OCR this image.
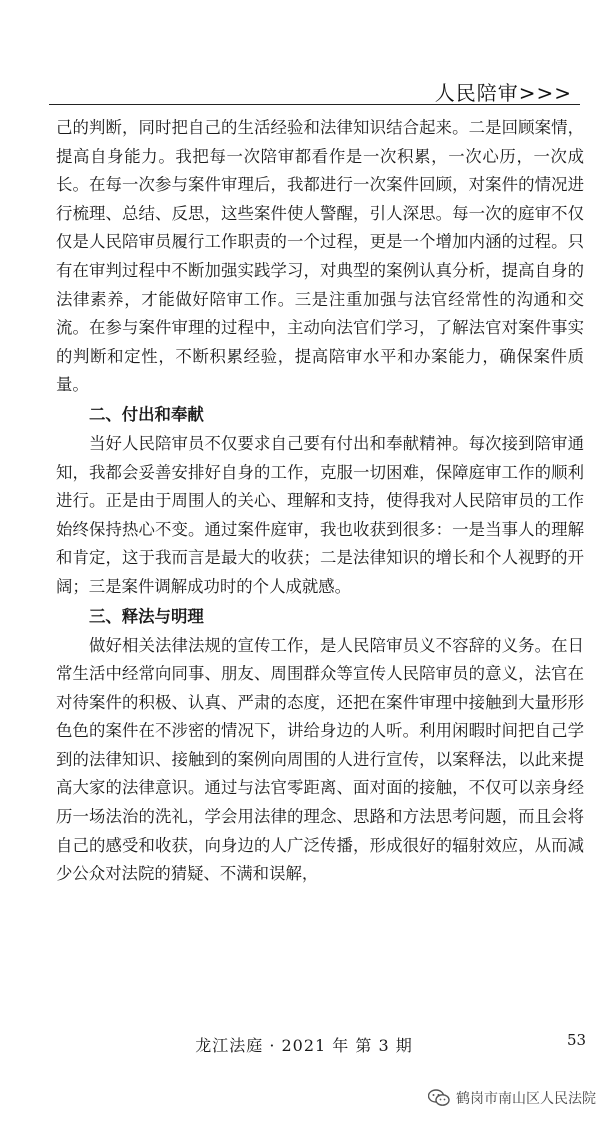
人民陪审>>>

己的判断，同时把自己的生活经验和法律知识结合起来。二是回顾案情，提高自身能力。我把每一次陪审都看作是一次积累，一次心历，一次成长。在每一次参与案件审理后，我都进行一次案件回顾，对案件的情况进行梳理、总结、反思，这些案件使人警醒，引人深思。每一次的庭审不仅仅是人民陪审员履行工作职责的一个过程，更是一个增加内涵的过程。只有在审判过程中不断加强实践学习，对典型的案例认真分析，提高自身的法律素养，才能做好陪审工作。三是注重加强与法官经常性的沟通和交流。在参与案件审理的过程中，主动向法官们学习，了解法官对案件事实的判断和定性，不断积累经验，提高陪审水平和办案能力，确保案件质量。

二、付出和奉献

当好人民陪审员不仅要求自己要有付出和奉献精神。每次接到陪审通知，我都会妥善安排好自身的工作，克服一切困难，保障庭审工作的顺利进行。正是由于周围人的关心、理解和支持，使得我对人民陪审员的工作始终保持热心不变。通过案件庭审，我也收获到很多：一是当事人的理解和肯定，这于我而言是最大的收获；二是法律知识的增长和个人视野的开阔；三是案件调解成功时的个人成就感。

三、释法与明理

做好相关法律法规的宣传工作，是人民陪审员义不容辞的义务。在日常生活中经常向同事、朋友、周围群众等宣传人民陪审员的意义，法官在对待案件的积极、认真、严肃的态度，还把在案件审理中接触到大量形形色色的案件在不涉密的情况下，讲给身边的人听。利用闲暇时间把自己学到的法律知识、接触到的案例向周围的人进行宣传，以案释法，以此来提高大家的法律意识。通过与法官零距离、面对面的接触，不仅可以亲身经历一场法治的洗礼，学会用法律的理念、思路和方法思考问题，而且会将自己的感受和收获，向身边的人广泛传播，形成很好的辐射效应，从而减少公众对法院的猜疑、不满和误解，

龙江法庭 · 2021 年 第 3 期	53
鹤岗市南山区人民法院
